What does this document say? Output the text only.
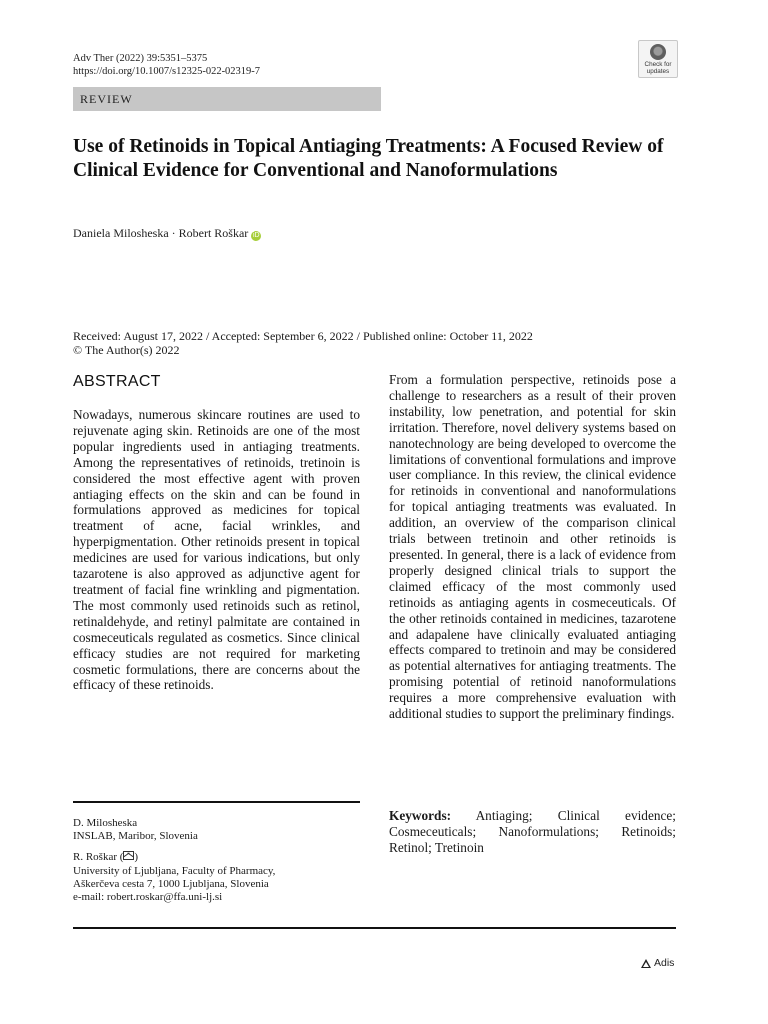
Adv Ther (2022) 39:5351–5375
https://doi.org/10.1007/s12325-022-02319-7
Check for updates
REVIEW
Use of Retinoids in Topical Antiaging Treatments: A Focused Review of Clinical Evidence for Conventional and Nanoformulations
Daniela Milosheska · Robert Roškar iD
Received: August 17, 2022 / Accepted: September 6, 2022 / Published online: October 11, 2022
© The Author(s) 2022
ABSTRACT
Nowadays, numerous skincare routines are used to rejuvenate aging skin. Retinoids are one of the most popular ingredients used in antiaging treatments. Among the representatives of retinoids, tretinoin is considered the most effective agent with proven antiaging effects on the skin and can be found in formulations approved as medicines for topical treatment of acne, facial wrinkles, and hyperpigmentation. Other retinoids present in topical medicines are used for various indications, but only tazarotene is also approved as adjunctive agent for treatment of facial fine wrinkling and pigmentation. The most commonly used retinoids such as retinol, retinaldehyde, and retinyl palmitate are contained in cosmeceuticals regulated as cosmetics. Since clinical efficacy studies are not required for marketing cosmetic formulations, there are concerns about the efficacy of these retinoids.
From a formulation perspective, retinoids pose a challenge to researchers as a result of their proven instability, low penetration, and potential for skin irritation. Therefore, novel delivery systems based on nanotechnology are being developed to overcome the limitations of conventional formulations and improve user compliance. In this review, the clinical evidence for retinoids in conventional and nanoformulations for topical antiaging treatments was evaluated. In addition, an overview of the comparison clinical trials between tretinoin and other retinoids is presented. In general, there is a lack of evidence from properly designed clinical trials to support the claimed efficacy of the most commonly used retinoids as antiaging agents in cosmeceuticals. Of the other retinoids contained in medicines, tazarotene and adapalene have clinically evaluated antiaging effects compared to tretinoin and may be considered as potential alternatives for antiaging treatments. The promising potential of retinoid nanoformulations requires a more comprehensive evaluation with additional studies to support the preliminary findings.
D. Milosheska
INSLAB, Maribor, Slovenia
R. Roškar ( )
University of Ljubljana, Faculty of Pharmacy,
Aškerčeva cesta 7, 1000 Ljubljana, Slovenia
e-mail: robert.roskar@ffa.uni-lj.si
Keywords: Antiaging; Clinical evidence; Cosmeceuticals; Nanoformulations; Retinoids; Retinol; Tretinoin
Adis
